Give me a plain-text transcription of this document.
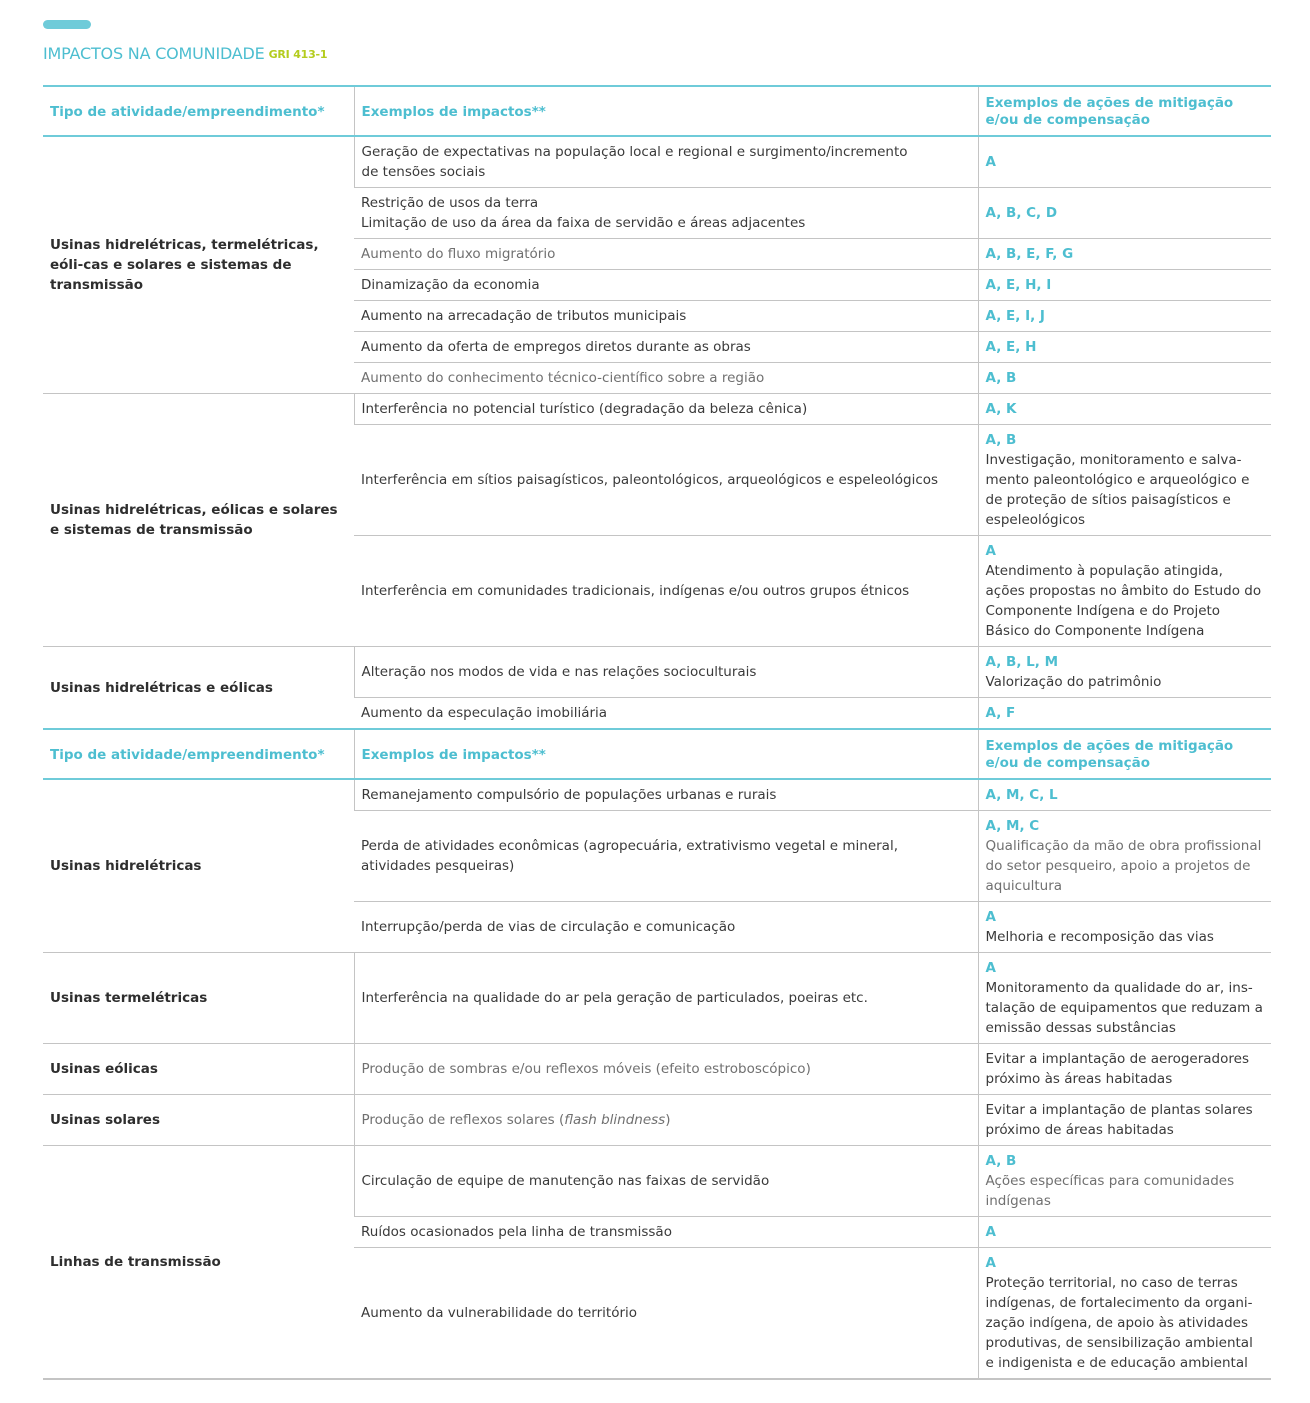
IMPACTOS NA COMUNIDADE GRI 413-1
Tipo de atividade/empreendimento*	Exemplos de impactos**	Exemplos de ações de mitigação
e/ou de compensação

Usinas hidrelétricas, termelétricas, eóli-cas e solares e sistemas de transmissão	Geração de expectativas na população local e regional e surgimento/incremento
de tensões sociais	A

	Restrição de usos da terra
Limitação de uso da área da faixa de servidão e áreas adjacentes	A, B, C, D

	Aumento do fluxo migratório	A, B, E, F, G

	Dinamização da economia	A, E, H, I

	Aumento na arrecadação de tributos municipais	A, E, I, J

	Aumento da oferta de empregos diretos durante as obras	A, E, H

	Aumento do conhecimento técnico-científico sobre a região	A, B

Usinas hidrelétricas, eólicas e solares e sistemas de transmissão	Interferência no potencial turístico (degradação da beleza cênica)	A, K

	Interferência em sítios paisagísticos, paleontológicos, arqueológicos e espeleológicos	A, B
Investigação, monitoramento e salva-mento paleontológico e arqueológico e de proteção de sítios paisagísticos e espeleológicos

	Interferência em comunidades tradicionais, indígenas e/ou outros grupos étnicos	A
Atendimento à população atingida, ações propostas no âmbito do Estudo do Componente Indígena e do Projeto Básico do Componente Indígena

Usinas hidrelétricas e eólicas	Alteração nos modos de vida e nas relações socioculturais	A, B, L, M
Valorização do patrimônio

	Aumento da especulação imobiliária	A, F

Tipo de atividade/empreendimento*	Exemplos de impactos**	Exemplos de ações de mitigação
e/ou de compensação

Usinas hidrelétricas	Remanejamento compulsório de populações urbanas e rurais	A, M, C, L

	Perda de atividades econômicas (agropecuária, extrativismo vegetal e mineral, atividades pesqueiras)	A, M, C
Qualificação da mão de obra profissional do setor pesqueiro, apoio a projetos de aquicultura

	Interrupção/perda de vias de circulação e comunicação	A
Melhoria e recomposição das vias

Usinas termelétricas	Interferência na qualidade do ar pela geração de particulados, poeiras etc.	A
Monitoramento da qualidade do ar, ins-talação de equipamentos que reduzam a emissão dessas substâncias

Usinas eólicas	Produção de sombras e/ou reflexos móveis (efeito estroboscópico)	Evitar a implantação de aerogeradores próximo às áreas habitadas

Usinas solares	Produção de reflexos solares (flash blindness)	Evitar a implantação de plantas solares próximo de áreas habitadas

Linhas de transmissão	Circulação de equipe de manutenção nas faixas de servidão	A, B
Ações específicas para comunidades indígenas

	Ruídos ocasionados pela linha de transmissão	A

	Aumento da vulnerabilidade do território	A
Proteção territorial, no caso de terras indígenas, de fortalecimento da organi-zação indígena, de apoio às atividades produtivas, de sensibilização ambiental e indigenista e de educação ambiental
